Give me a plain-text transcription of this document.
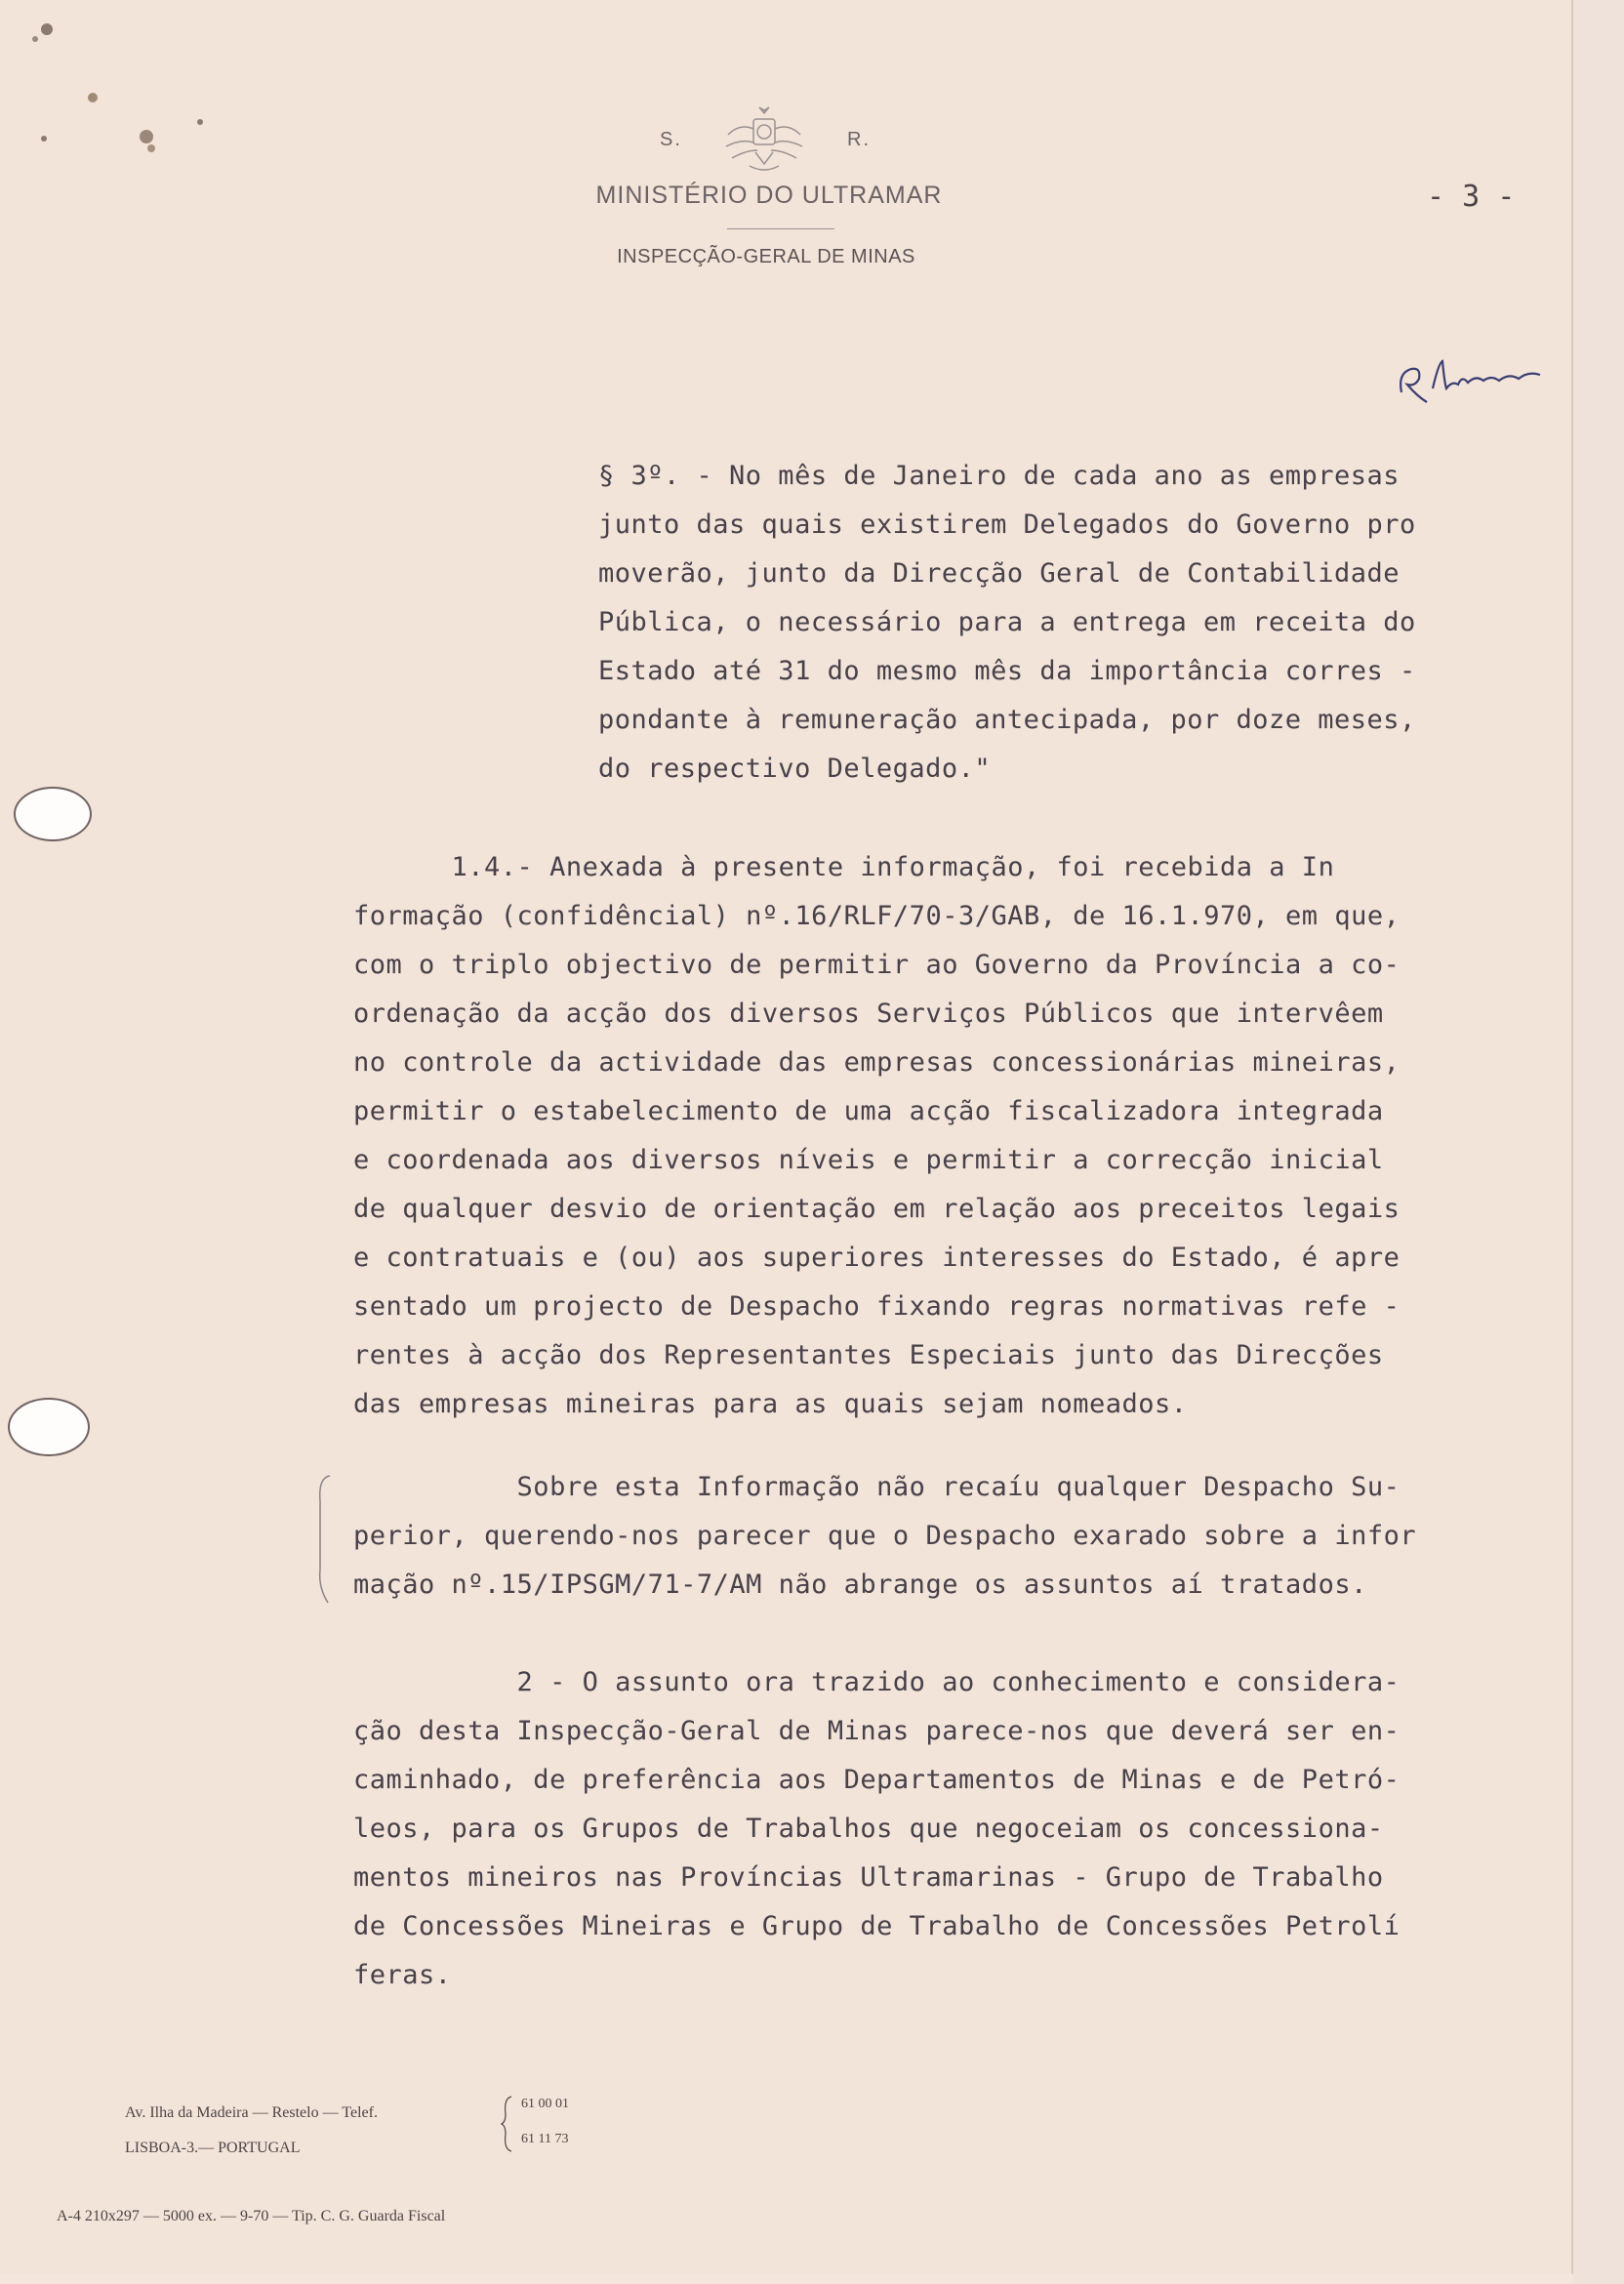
S.	R.
MINISTÉRIO DO ULTRAMAR
INSPECÇÃO-GERAL DE MINAS
- 3 -
§ 3º. - No mês de Janeiro de cada ano as empresas
junto das quais existirem Delegados do Governo pro
moverão, junto da Direcção Geral de Contabilidade
Pública, o necessário para a entrega em receita do
Estado até 31 do mesmo mês da importância corres -
pondante à remuneração antecipada, por doze meses,
do respectivo Delegado."
1.4.- Anexada à presente informação, foi recebida a In
formação (confidêncial) nº.16/RLF/70-3/GAB, de 16.1.970, em que,
com o triplo objectivo de permitir ao Governo da Província a co-
ordenação da acção dos diversos Serviços Públicos que intervêem
no controle da actividade das empresas concessionárias mineiras,
permitir o estabelecimento de uma acção fiscalizadora integrada
e coordenada aos diversos níveis e permitir a correcção inicial
de qualquer desvio de orientação em relação aos preceitos legais
e contratuais e (ou) aos superiores interesses do Estado, é apre
sentado um projecto de Despacho fixando regras normativas refe -
rentes à acção dos Representantes Especiais junto das Direcções
das empresas mineiras para as quais sejam nomeados.
Sobre esta Informação não recaíu qualquer Despacho Su-
perior, querendo-nos parecer que o Despacho exarado sobre a infor
mação nº.15/IPSGM/71-7/AM não abrange os assuntos aí tratados.
2 - O assunto ora trazido ao conhecimento e considera-
ção desta Inspecção-Geral de Minas parece-nos que deverá ser en-
caminhado, de preferência aos Departamentos de Minas e de Petró-
leos, para os Grupos de Trabalhos que negoceiam os concessiona-
mentos mineiros nas Províncias Ultramarinas - Grupo de Trabalho
de Concessões Mineiras e Grupo de Trabalho de Concessões Petrolí
feras.
Av. Ilha da Madeira — Restelo — Telef.
61 00 01
61 11 73
LISBOA-3.— PORTUGAL
A-4 210x297 — 5000 ex. — 9-70 — Tip. C. G. Guarda Fiscal
